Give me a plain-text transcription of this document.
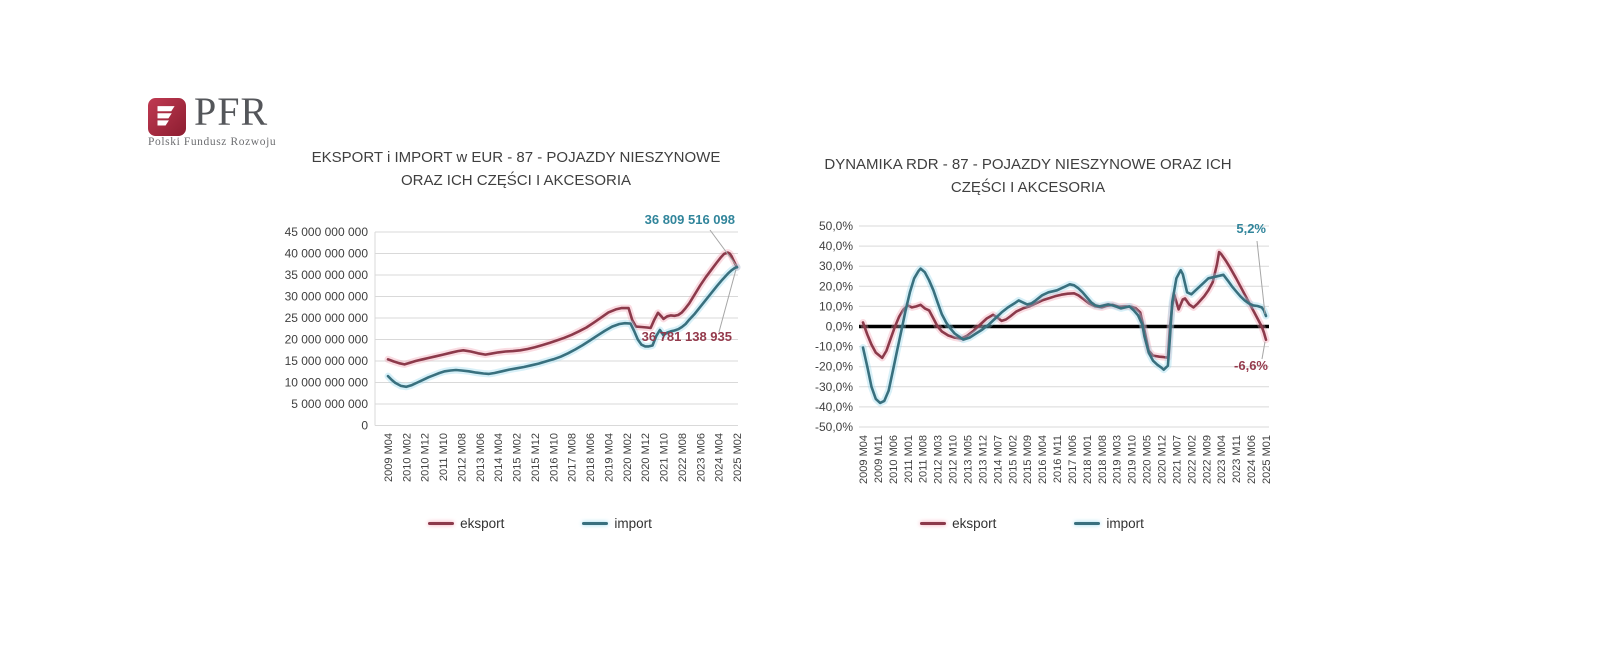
PFR
Polski Fundusz Rozwoju
EKSPORT i IMPORT w EUR - 87 - POJAZDY NIESZYNOWE ORAZ ICH CZĘŚCI I AKCESORIA
DYNAMIKA RDR - 87 - POJAZDY NIESZYNOWE ORAZ ICH CZĘŚCI I AKCESORIA
45 000 000 000
40 000 000 000
35 000 000 000
30 000 000 000
25 000 000 000
20 000 000 000
15 000 000 000
10 000 000 000
5 000 000 000
0
2009 M04 2010 M02 2010 M12 2011 M10 2012 M08 2013 M06 2014 M04 2015 M02 2015 M12 2016 M10 2017 M08 2018 M06 2019 M04 2020 M02 2020 M12 2021 M10 2022 M08 2023 M06 2024 M04 2025 M02
36 809 516 098
36 781 138 935
50,0%
40,0%
30,0%
20,0%
10,0%
0,0%
-10,0%
-20,0%
-30,0%
-40,0%
-50,0%
2009 M04 2009 M11 2010 M06 2011 M01 2011 M08 2012 M03 2012 M10 2013 M05 2013 M12 2014 M07 2015 M02 2015 M09 2016 M04 2016 M11 2017 M06 2018 M01 2018 M08 2019 M03 2019 M10 2020 M05 2020 M12 2021 M07 2022 M02 2022 M09 2023 M04 2023 M11 2024 M06 2025 M01
5,2%
-6,6%
eksport	import	eksport	import
